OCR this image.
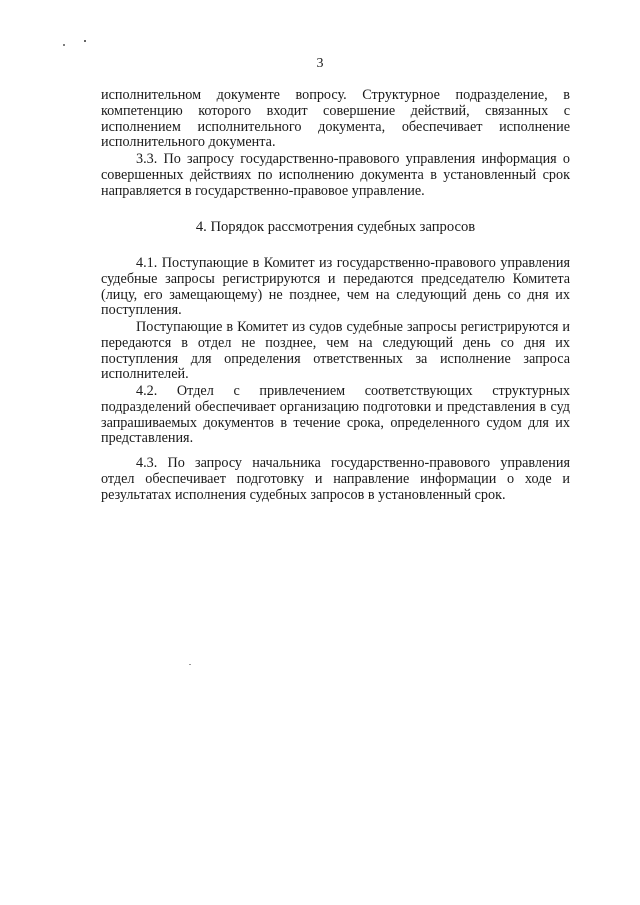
3

исполнительном документе вопросу. Структурное подразделение, в компетенцию которого входит совершение действий, связанных с исполнением исполнительного документа, обеспечивает исполнение исполнительного документа.

3.3. По запросу государственно-правового управления информация о совершенных действиях по исполнению документа в установленный срок направляется в государственно-правовое управление.

4. Порядок рассмотрения судебных запросов

4.1. Поступающие в Комитет из государственно-правового управления судебные запросы регистрируются и передаются председателю Комитета (лицу, его замещающему) не позднее, чем на следующий день со дня их поступления.

Поступающие в Комитет из судов судебные запросы регистрируются и передаются в отдел не позднее, чем на следующий день со дня их поступления для определения ответственных за исполнение запроса исполнителей.

4.2. Отдел с привлечением соответствующих структурных подразделений обеспечивает организацию подготовки и представления в суд запрашиваемых документов в течение срока, определенного судом для их представления.

4.3. По запросу начальника государственно-правового управления отдел обеспечивает подготовку и направление информации о ходе и результатах исполнения судебных запросов в установленный срок.
